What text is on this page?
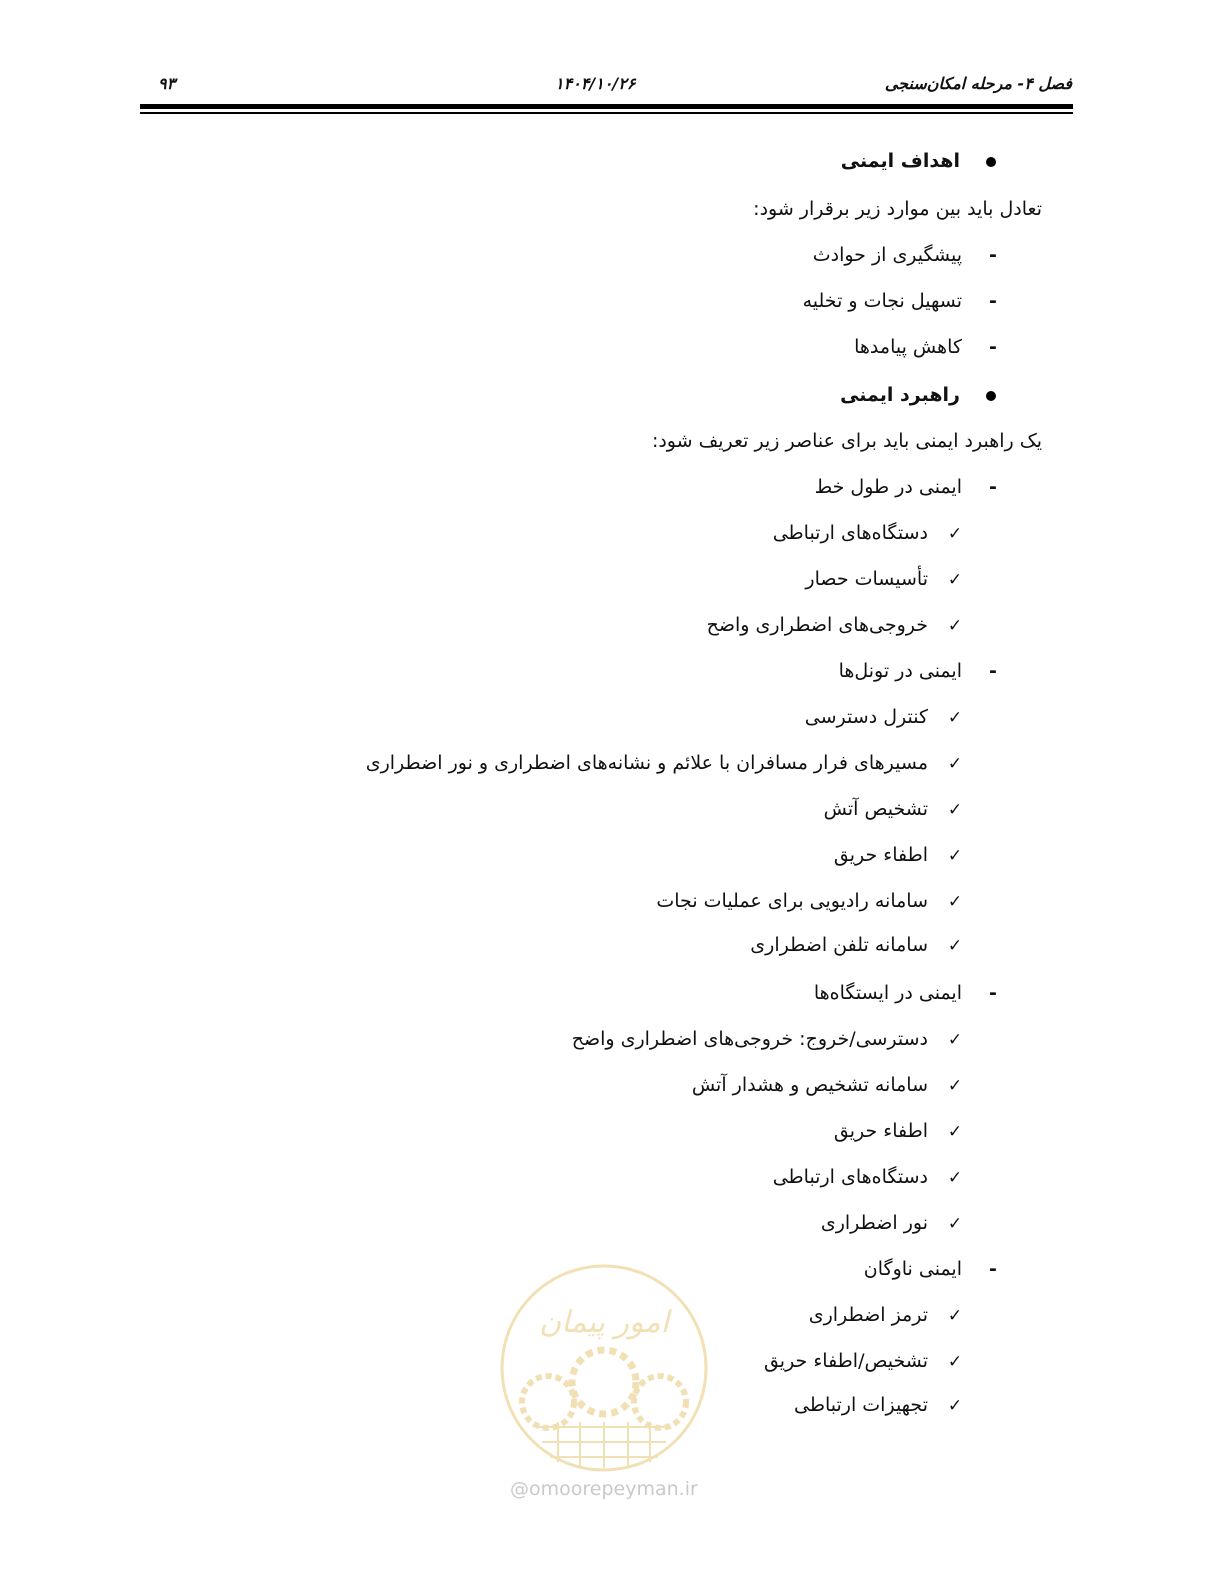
فصل ۴- مرحله امکان‌سنجی
۱۴۰۴/۱۰/۲۶
۹۳
اهداف ایمنی
تعادل باید بین موارد زیر برقرار شود:
-پیشگیری از حوادث
-تسهیل نجات و تخلیه
-کاهش پیامدها
راهبرد ایمنی
یک راهبرد ایمنی باید برای عناصر زیر تعریف شود:
-ایمنی در طول خط
✓دستگاه‌های ارتباطی
✓تأسیسات حصار
✓خروجی‌های اضطراری واضح
-ایمنی در تونل‌ها
✓کنترل دسترسی
✓مسیرهای فرار مسافران با علائم و نشانه‌های اضطراری و نور اضطراری
✓تشخیص آتش
✓اطفاء حریق
✓سامانه رادیویی برای عملیات نجات
✓سامانه تلفن اضطراری
-ایمنی در ایستگاه‌ها
✓دسترسی/خروج: خروجی‌های اضطراری واضح
✓سامانه تشخیص و هشدار آتش
✓اطفاء حریق
✓دستگاه‌های ارتباطی
✓نور اضطراری
-ایمنی ناوگان
✓ترمز اضطراری
✓تشخیص/اطفاء حریق
✓تجهیزات ارتباطی
امور پیمان
@omoorepeyman.ir
